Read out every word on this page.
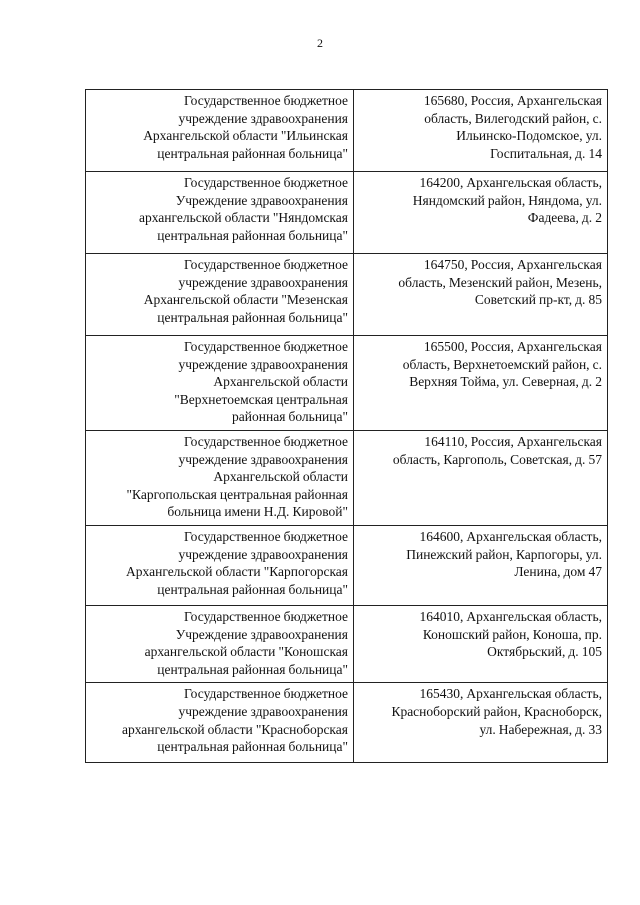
2
Государственное бюджетное
учреждение здравоохранения
Архангельской области "Ильинская
центральная районная больница"	165680, Россия, Архангельская
область, Вилегодский район, с.
Ильинско-Подомское, ул.
Госпитальная, д. 14
Государственное бюджетное
Учреждение здравоохранения
архангельской области "Няндомская
центральная районная больница"	164200, Архангельская область,
Няндомский район, Няндома, ул.
Фадеева, д. 2
Государственное бюджетное
учреждение здравоохранения
Архангельской области "Мезенская
центральная районная больница"	164750, Россия, Архангельская
область, Мезенский район, Мезень,
Советский пр-кт, д. 85
Государственное бюджетное
учреждение здравоохранения
Архангельской области
"Верхнетоемская центральная
районная больница"	165500, Россия, Архангельская
область, Верхнетоемский район, с.
Верхняя Тойма, ул. Северная, д. 2
Государственное бюджетное
учреждение здравоохранения
Архангельской области
"Каргопольская центральная районная
больница имени Н.Д. Кировой"	164110, Россия, Архангельская
область, Каргополь, Советская, д. 57
Государственное бюджетное
учреждение здравоохранения
Архангельской области "Карпогорская
центральная районная больница"	164600, Архангельская область,
Пинежский район, Карпогоры, ул.
Ленина, дом 47
Государственное бюджетное
Учреждение здравоохранения
архангельской области "Коношская
центральная районная больница"	164010, Архангельская область,
Коношский район, Коноша, пр.
Октябрьский, д. 105
Государственное бюджетное
учреждение здравоохранения
архангельской области "Красноборская
центральная районная больница"	165430, Архангельская область,
Красноборский район, Красноборск,
ул. Набережная, д. 33
